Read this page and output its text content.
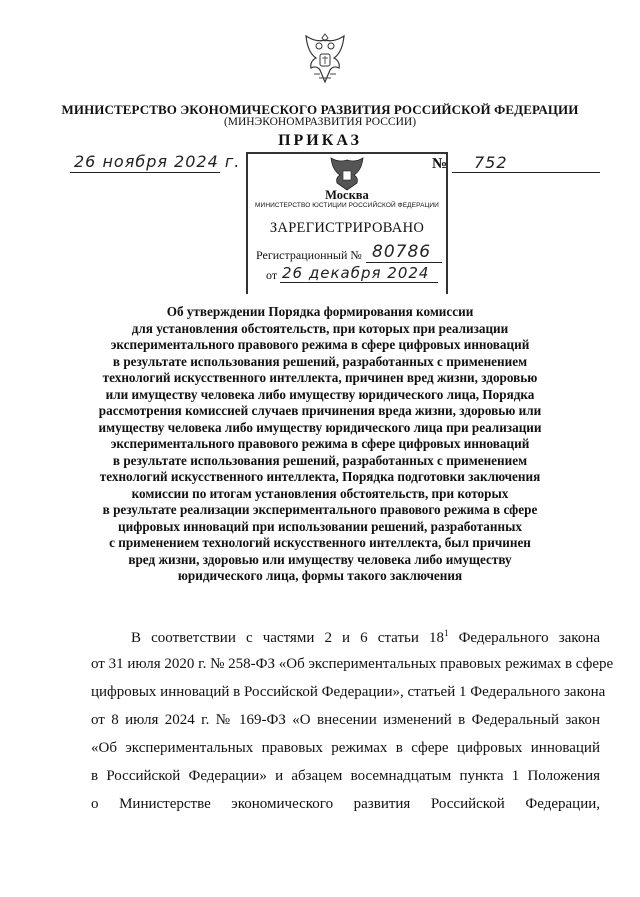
МИНИСТЕРСТВО ЭКОНОМИЧЕСКОГО РАЗВИТИЯ РОССИЙСКОЙ ФЕДЕРАЦИИ
(МИНЭКОНОМРАЗВИТИЯ РОССИИ)
ПРИКАЗ
26 ноября 2024 г.	№ 752
Москва
МИНИСТЕРСТВО ЮСТИЦИИ РОССИЙСКОЙ ФЕДЕРАЦИИ
ЗАРЕГИСТРИРОВАНО
Регистрационный № 80786
от 26 декабря 2024
Об утверждении Порядка формирования комиссии
для установления обстоятельств, при которых при реализации
экспериментального правового режима в сфере цифровых инноваций
в результате использования решений, разработанных с применением
технологий искусственного интеллекта, причинен вред жизни, здоровью
или имуществу человека либо имуществу юридического лица, Порядка
рассмотрения комиссией случаев причинения вреда жизни, здоровью или
имуществу человека либо имуществу юридического лица при реализации
экспериментального правового режима в сфере цифровых инноваций
в результате использования решений, разработанных с применением
технологий искусственного интеллекта, Порядка подготовки заключения
комиссии по итогам установления обстоятельств, при которых
в результате реализации экспериментального правового режима в сфере
цифровых инноваций при использовании решений, разработанных
с применением технологий искусственного интеллекта, был причинен
вред жизни, здоровью или имуществу человека либо имуществу
юридического лица, формы такого заключения
В соответствии с частями 2 и 6 статьи $18^1$ Федерального закона
от 31 июля 2020 г. № 258-ФЗ «Об экспериментальных правовых режимах в сфере
цифровых инноваций в Российской Федерации», статьей 1 Федерального закона
от 8 июля 2024 г. № 169-ФЗ «О внесении изменений в Федеральный закон
«Об экспериментальных правовых режимах в сфере цифровых инноваций
в Российской Федерации» и абзацем восемнадцатым пункта 1 Положения
о Министерстве экономического развития Российской Федерации,
